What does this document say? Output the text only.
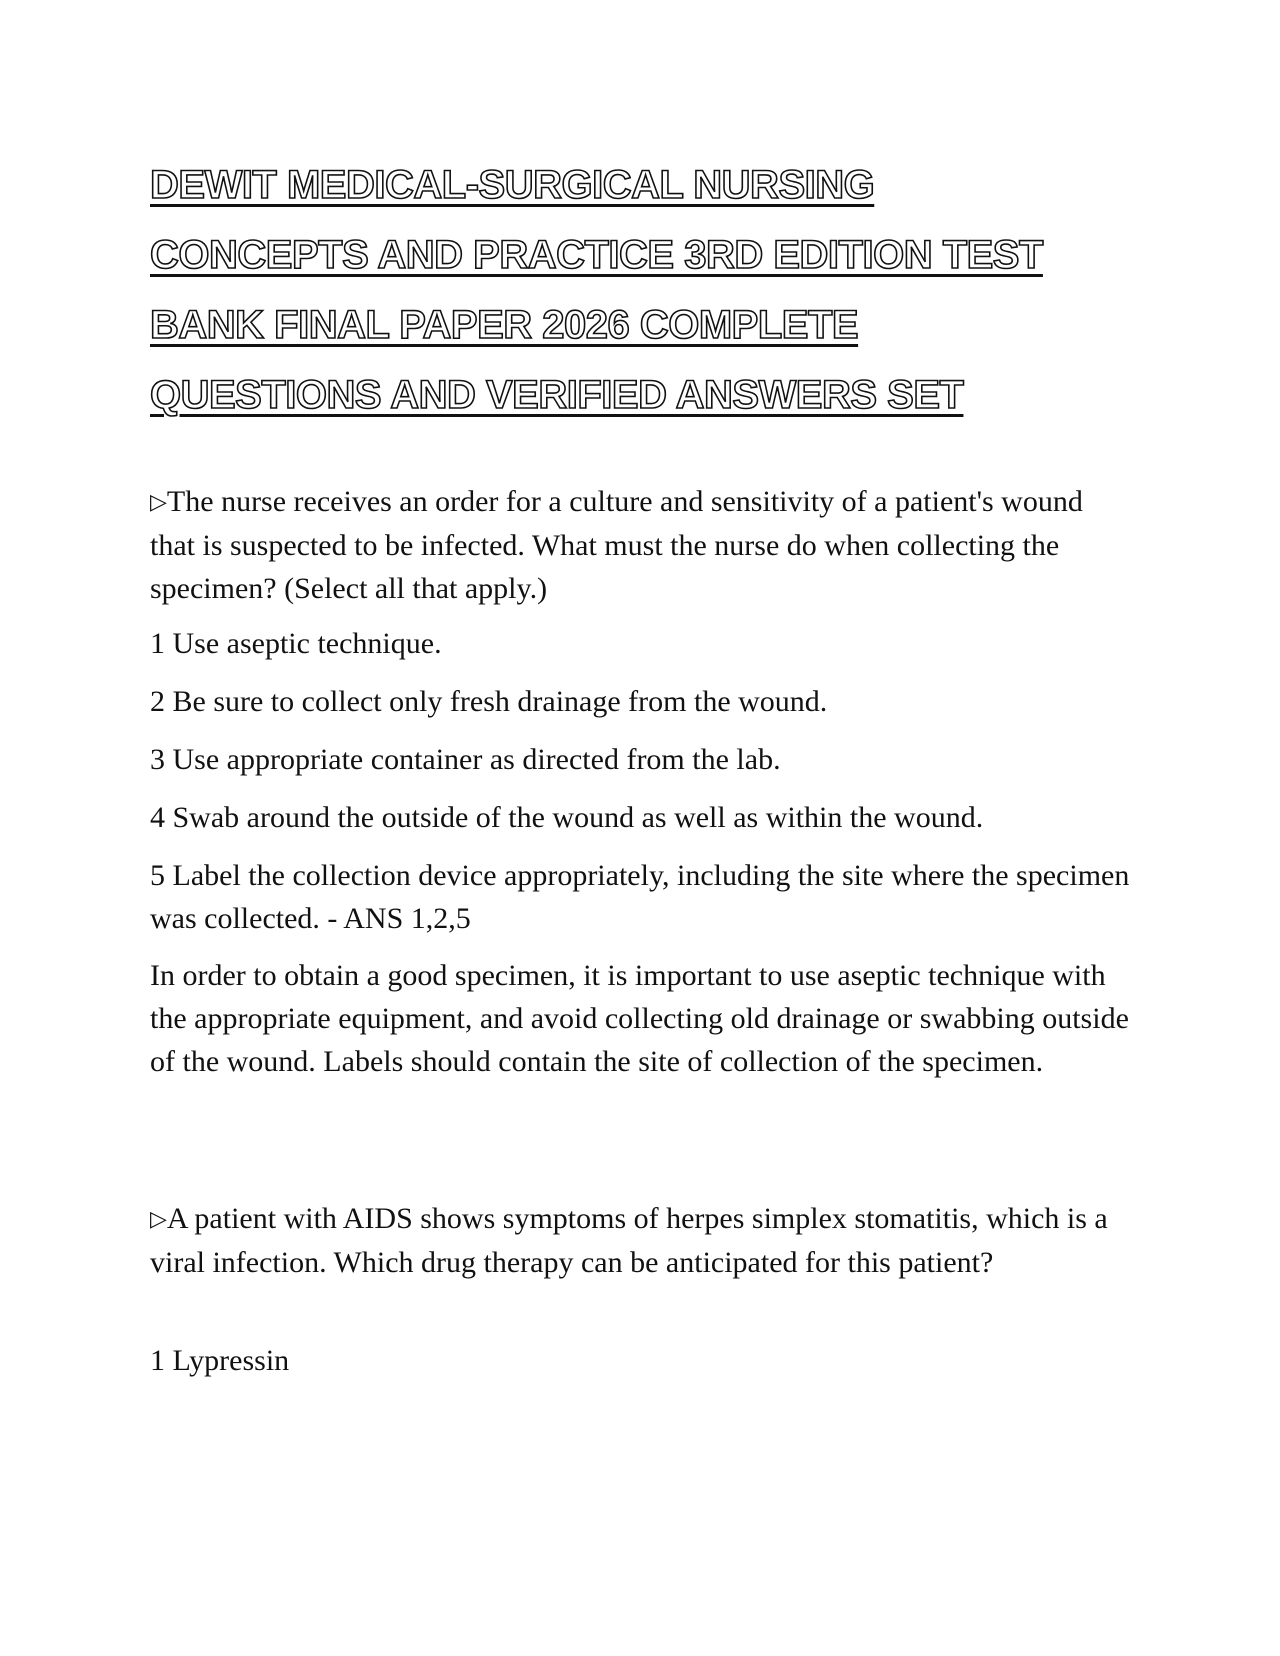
DEWIT MEDICAL-SURGICAL NURSING
CONCEPTS AND PRACTICE 3RD EDITION TEST
BANK FINAL PAPER 2026 COMPLETE
QUESTIONS AND VERIFIED ANSWERS SET

▷The nurse receives an order for a culture and sensitivity of a patient's wound that is suspected to be infected. What must the nurse do when collecting the specimen? (Select all that apply.)

1 Use aseptic technique.

2 Be sure to collect only fresh drainage from the wound.

3 Use appropriate container as directed from the lab.

4 Swab around the outside of the wound as well as within the wound.

5 Label the collection device appropriately, including the site where the specimen was collected. - ANS 1,2,5

In order to obtain a good specimen, it is important to use aseptic technique with the appropriate equipment, and avoid collecting old drainage or swabbing outside of the wound. Labels should contain the site of collection of the specimen.

▷A patient with AIDS shows symptoms of herpes simplex stomatitis, which is a viral infection. Which drug therapy can be anticipated for this patient?

1 Lypressin
